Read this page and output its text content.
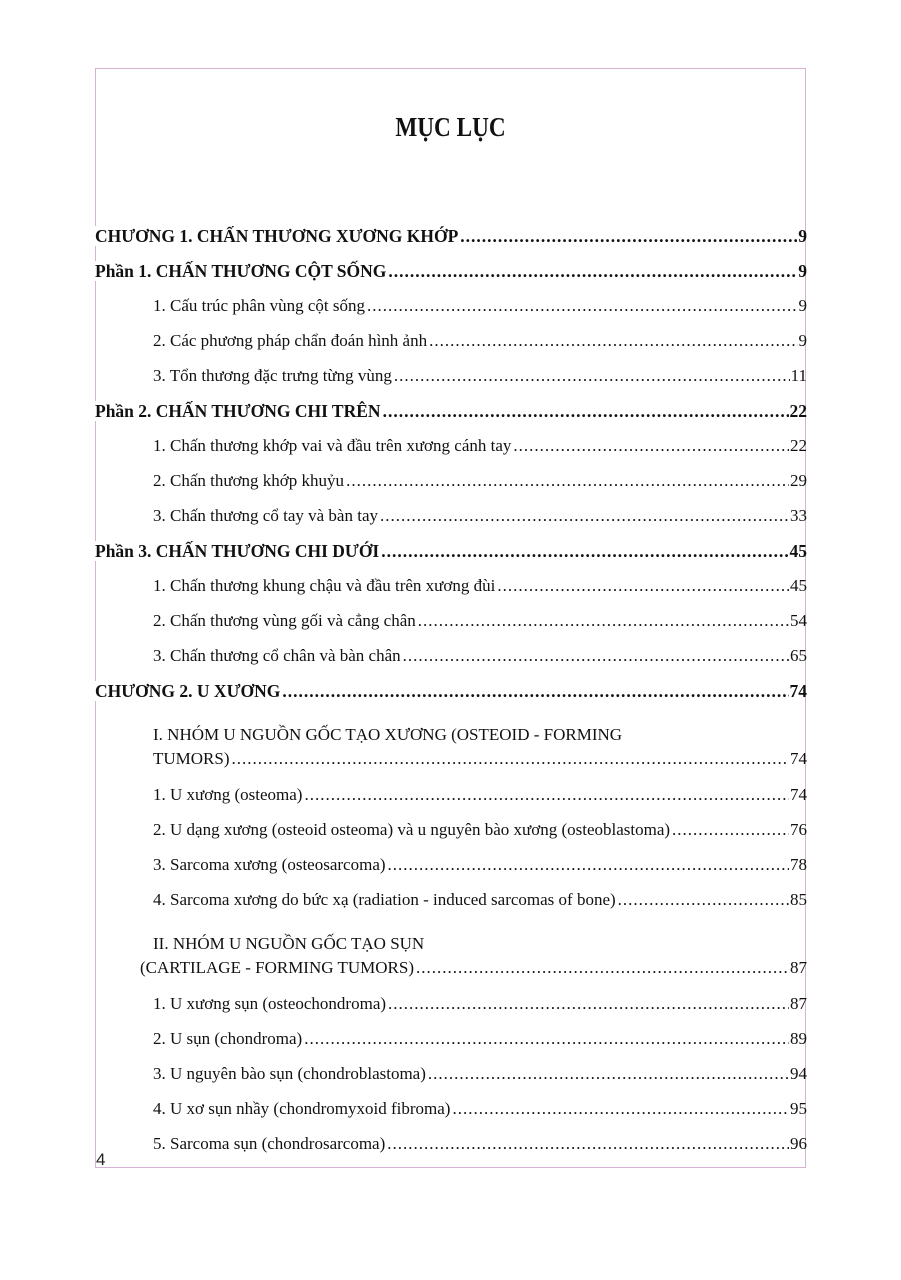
MỤC LỤC
CHƯƠNG 1. CHẤN THƯƠNG XƯƠNG KHỚP .....	9
Phần 1. CHẤN THƯƠNG CỘT SỐNG .....	9
1. Cấu trúc phân vùng cột sống .....	9
2. Các phương pháp chẩn đoán hình ảnh .....	9
3. Tổn thương đặc trưng từng vùng .....	11
Phần 2. CHẤN THƯƠNG CHI TRÊN .....	22
1. Chấn thương khớp vai và đầu trên xương cánh tay .....	22
2. Chấn thương khớp khuỷu .....	29
3. Chấn thương cổ tay và bàn tay .....	33
Phần 3. CHẤN THƯƠNG CHI DƯỚI .....	45
1. Chấn thương khung chậu và đầu trên xương đùi .....	45
2. Chấn thương vùng gối và cẳng chân .....	54
3. Chấn thương cổ chân và bàn chân .....	65
CHƯƠNG 2. U XƯƠNG .....	74
I. NHÓM U NGUỒN GỐC TẠO XƯƠNG (OSTEOID - FORMING
TUMORS) .....	74
1. U xương (osteoma) .....	74
2. U dạng xương (osteoid osteoma) và u nguyên bào xương (osteoblastoma) .....	76
3. Sarcoma xương (osteosarcoma) .....	78
4. Sarcoma xương do bức xạ (radiation - induced sarcomas of bone) .....	85
II. NHÓM U NGUỒN GỐC TẠO SỤN
(CARTILAGE - FORMING TUMORS) .....	87
1. U xương sụn (osteochondroma) .....	87
2. U sụn (chondroma) .....	89
3. U nguyên bào sụn (chondroblastoma) .....	94
4. U xơ sụn nhầy (chondromyxoid fibroma) .....	95
5. Sarcoma sụn (chondrosarcoma) .....	96
4
